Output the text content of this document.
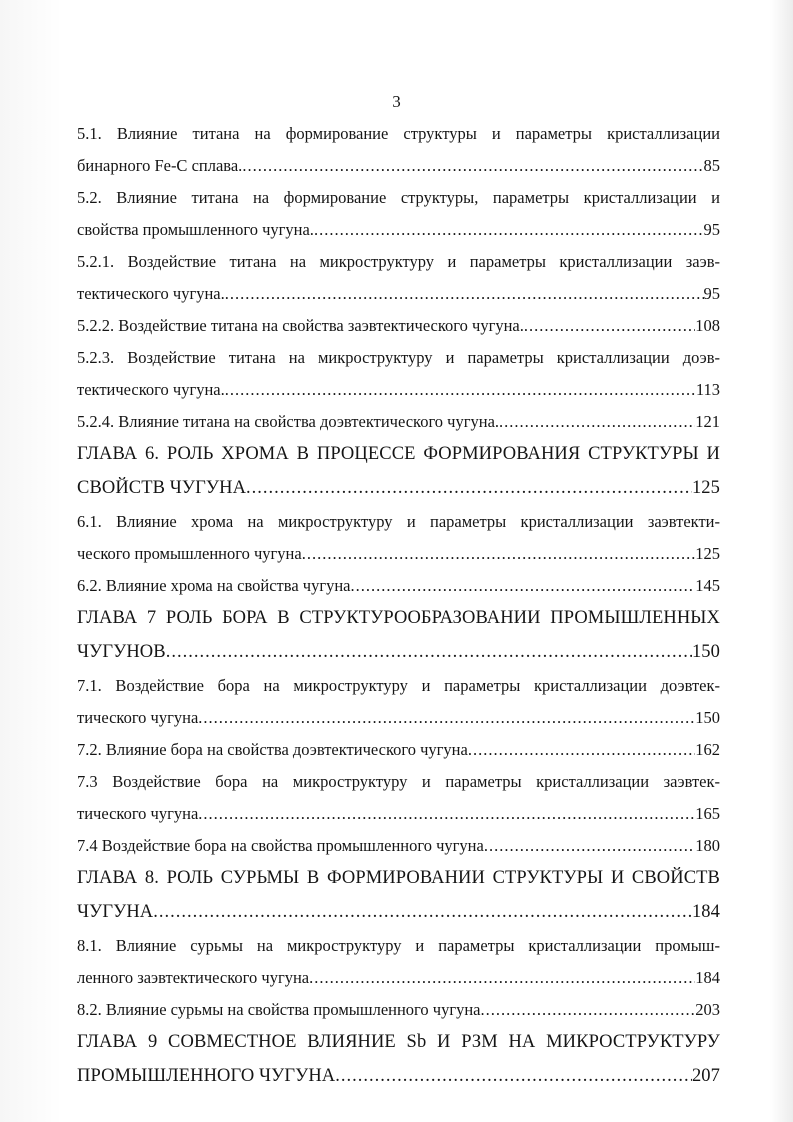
3
5.1. Влияние титана на формирование структуры и параметры кристаллизации
бинарного Fe-C сплава. .....	85
5.2. Влияние титана на формирование структуры, параметры кристаллизации и
свойства промышленного чугуна. .....	95
5.2.1. Воздействие титана на микроструктуру и параметры кристаллизации заэв-
тектического чугуна. .....	95
5.2.2. Воздействие титана на свойства заэвтектического чугуна. .....	108
5.2.3. Воздействие титана на микроструктуру и параметры кристаллизации доэв-
тектического чугуна. .....	113
5.2.4. Влияние титана на свойства доэвтектического чугуна. .....	121
ГЛАВА 6. РОЛЬ ХРОМА В ПРОЦЕССЕ ФОРМИРОВАНИЯ СТРУКТУРЫ И
СВОЙСТВ ЧУГУНА .....	125
6.1. Влияние хрома на микроструктуру и параметры кристаллизации заэвтекти-
ческого промышленного чугуна .....	125
6.2. Влияние хрома на свойства чугуна .....	145
ГЛАВА 7 РОЛЬ БОРА В СТРУКТУРООБРАЗОВАНИИ ПРОМЫШЛЕННЫХ
ЧУГУНОВ .....	150
7.1. Воздействие бора на микроструктуру и параметры кристаллизации доэвтек-
тического чугуна .....	150
7.2. Влияние бора на свойства доэвтектического чугуна .....	162
7.3 Воздействие бора на микроструктуру и параметры кристаллизации заэвтек-
тического чугуна .....	165
7.4 Воздействие бора на свойства промышленного чугуна .....	180
ГЛАВА 8. РОЛЬ СУРЬМЫ В ФОРМИРОВАНИИ СТРУКТУРЫ И СВОЙСТВ
ЧУГУНА .....	184
8.1. Влияние сурьмы на микроструктуру и параметры кристаллизации промыш-
ленного заэвтектического чугуна .....	184
8.2. Влияние сурьмы на свойства промышленного чугуна .....	203
ГЛАВА 9 СОВМЕСТНОЕ ВЛИЯНИЕ Sb И РЗМ НА МИКРОСТРУКТУРУ
ПРОМЫШЛЕННОГО ЧУГУНА .....	207
